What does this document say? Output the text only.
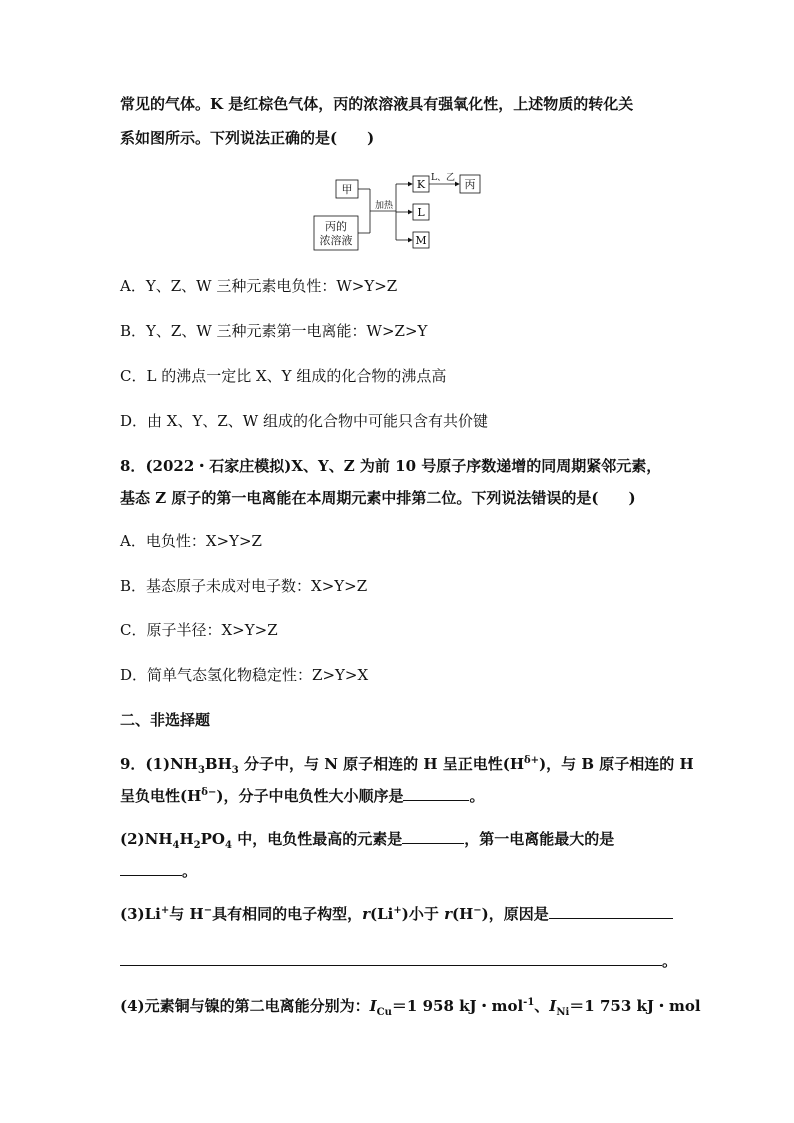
常见的气体。K 是红棕色气体，丙的浓溶液具有强氧化性，上述物质的转化关
系如图所示。下列说法正确的是(　　)
甲
丙的
浓溶液
加热
K
L
M
L、乙 丙
A．Y、Z、W 三种元素电负性：W>Y>Z
B．Y、Z、W 三种元素第一电离能：W>Z>Y
C．L 的沸点一定比 X、Y 组成的化合物的沸点高
D．由 X、Y、Z、W 组成的化合物中可能只含有共价键
8．(2022・石家庄模拟)X、Y、Z 为前 10 号原子序数递增的同周期紧邻元素，
基态 Z 原子的第一电离能在本周期元素中排第二位。下列说法错误的是(　　)
A．电负性：X>Y>Z
B．基态原子未成对电子数：X>Y>Z
C．原子半径：X>Y>Z
D．简单气态氢化物稳定性：Z>Y>X
二、非选择题
9．$(1)NH_3BH_3$ 分子中，与 N 原子相连的 H 呈正电性$(H^{\delta+})$，与 B 原子相连的 H
呈负电性$(H^{\delta-})$，分子中电负性大小顺序是	。
$(2)NH_4H_2PO_4$ 中，电负性最高的元素是	，第一电离能最大的是
。
(3)Li+与 H−具有相同的电子构型，r(Li+)小于 r(H−)，原因是
。
(4)元素铜与镍的第二电离能分别为：$I_{Cu}=1$ 958 kJ・mol$^{-1}$、$I_{Ni}=1$ 753 kJ・mol
